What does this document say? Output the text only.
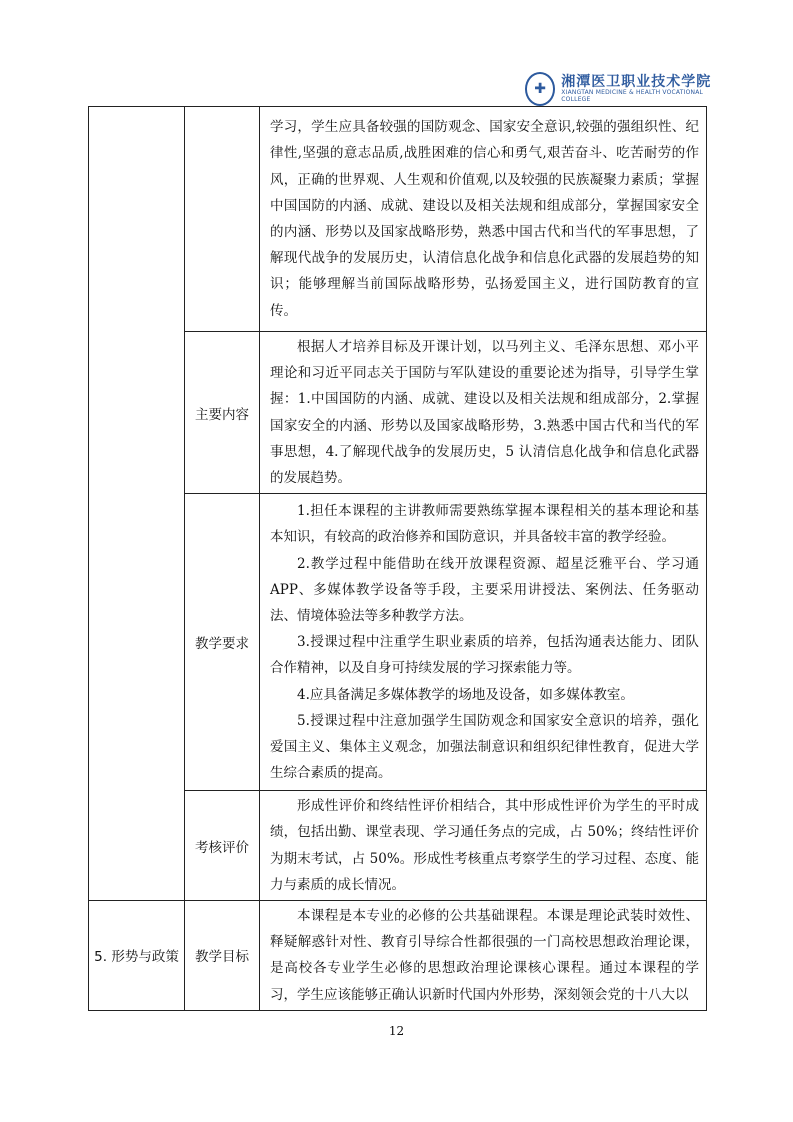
✚	湘潭医卫职业技术学院
XIANGTAN MEDICINE & HEALTH VOCATIONAL COLLEGE

		学习，学生应具备较强的国防观念、国家安全意识,较强的强组织性、纪律性,坚强的意志品质,战胜困难的信心和勇气,艰苦奋斗、吃苦耐劳的作风，正确的世界观、人生观和价值观,以及较强的民族凝聚力素质；掌握中国国防的内涵、成就、建设以及相关法规和组成部分，掌握国家安全的内涵、形势以及国家战略形势，熟悉中国古代和当代的军事思想，了解现代战争的发展历史，认清信息化战争和信息化武器的发展趋势的知识；能够理解当前国际战略形势，弘扬爱国主义，进行国防教育的宣传。

	主要内容	根据人才培养目标及开课计划，以马列主义、毛泽东思想、邓小平理论和习近平同志关于国防与军队建设的重要论述为指导，引导学生掌握：1.中国国防的内涵、成就、建设以及相关法规和组成部分，2.掌握国家安全的内涵、形势以及国家战略形势，3.熟悉中国古代和当代的军事思想，4.了解现代战争的发展历史，5 认清信息化战争和信息化武器的发展趋势。

	教学要求	1.担任本课程的主讲教师需要熟练掌握本课程相关的基本理论和基本知识，有较高的政治修养和国防意识，并具备较丰富的教学经验。

2.教学过程中能借助在线开放课程资源、超星泛雅平台、学习通APP、多媒体教学设备等手段，主要采用讲授法、案例法、任务驱动法、情境体验法等多种教学方法。

3.授课过程中注重学生职业素质的培养，包括沟通表达能力、团队合作精神，以及自身可持续发展的学习探索能力等。

4.应具备满足多媒体教学的场地及设备，如多媒体教室。

5.授课过程中注意加强学生国防观念和国家安全意识的培养，强化爱国主义、集体主义观念，加强法制意识和组织纪律性教育，促进大学生综合素质的提高。

	考核评价	形成性评价和终结性评价相结合，其中形成性评价为学生的平时成绩，包括出勤、课堂表现、学习通任务点的完成，占 50%；终结性评价为期末考试，占 50%。形成性考核重点考察学生的学习过程、态度、能力与素质的成长情况。

5. 形势与政策	教学目标	本课程是本专业的必修的公共基础课程。本课是理论武装时效性、释疑解惑针对性、教育引导综合性都很强的一门高校思想政治理论课，是高校各专业学生必修的思想政治理论课核心课程。通过本课程的学习，学生应该能够正确认识新时代国内外形势，深刻领会党的十八大以

12
